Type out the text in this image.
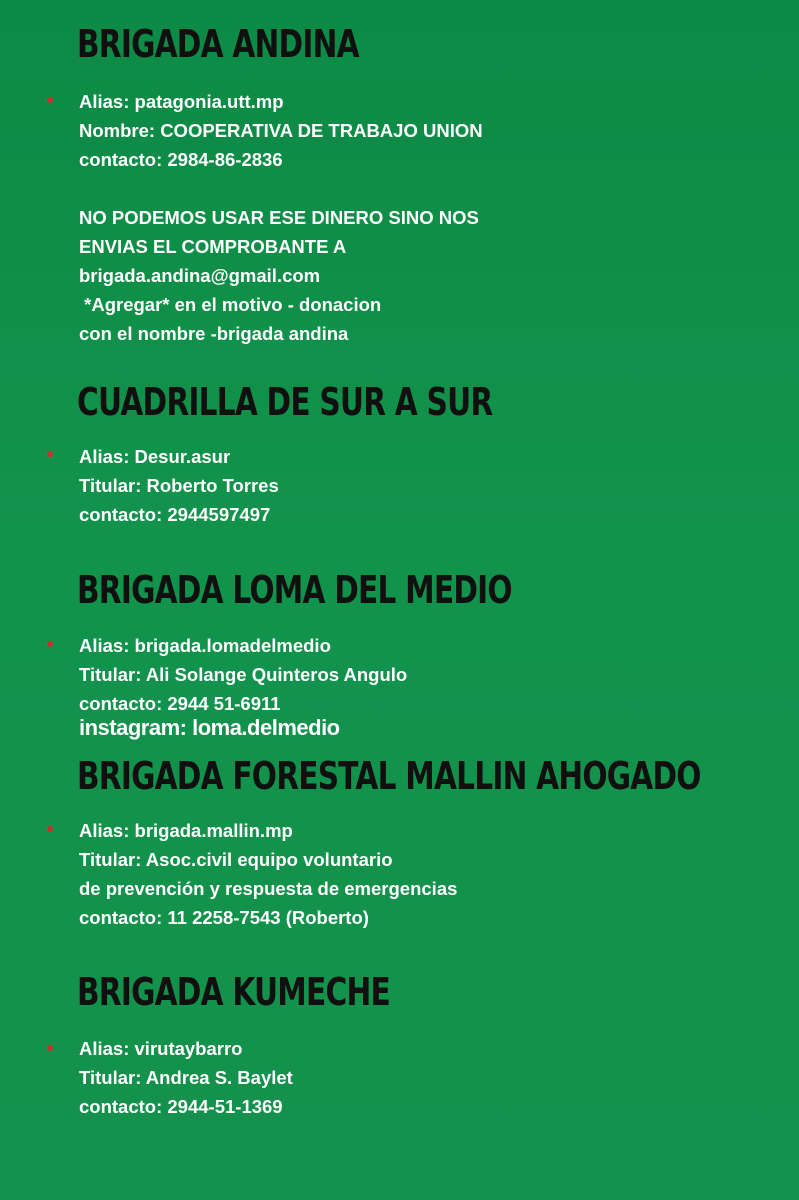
BRIGADA ANDINA
Alias: patagonia.utt.mp
Nombre: COOPERATIVA DE TRABAJO UNION
contacto: 2984-86-2836
NO PODEMOS USAR ESE DINERO SINO NOS
ENVIAS EL COMPROBANTE A
brigada.andina@gmail.com
*Agregar* en el motivo - donacion
con el nombre -brigada andina
CUADRILLA DE SUR A SUR
Alias: Desur.asur
Titular: Roberto Torres
contacto: 2944597497
BRIGADA LOMA DEL MEDIO
Alias: brigada.lomadelmedio
Titular: Ali Solange Quinteros Angulo
contacto: 2944 51-6911
instagram: loma.delmedio
BRIGADA FORESTAL MALLIN AHOGADO
Alias: brigada.mallin.mp
Titular: Asoc.civil equipo voluntario
de prevención y respuesta de emergencias
contacto: 11 2258-7543 (Roberto)
BRIGADA KUMECHE
Alias: virutaybarro
Titular: Andrea S. Baylet
contacto: 2944-51-1369
